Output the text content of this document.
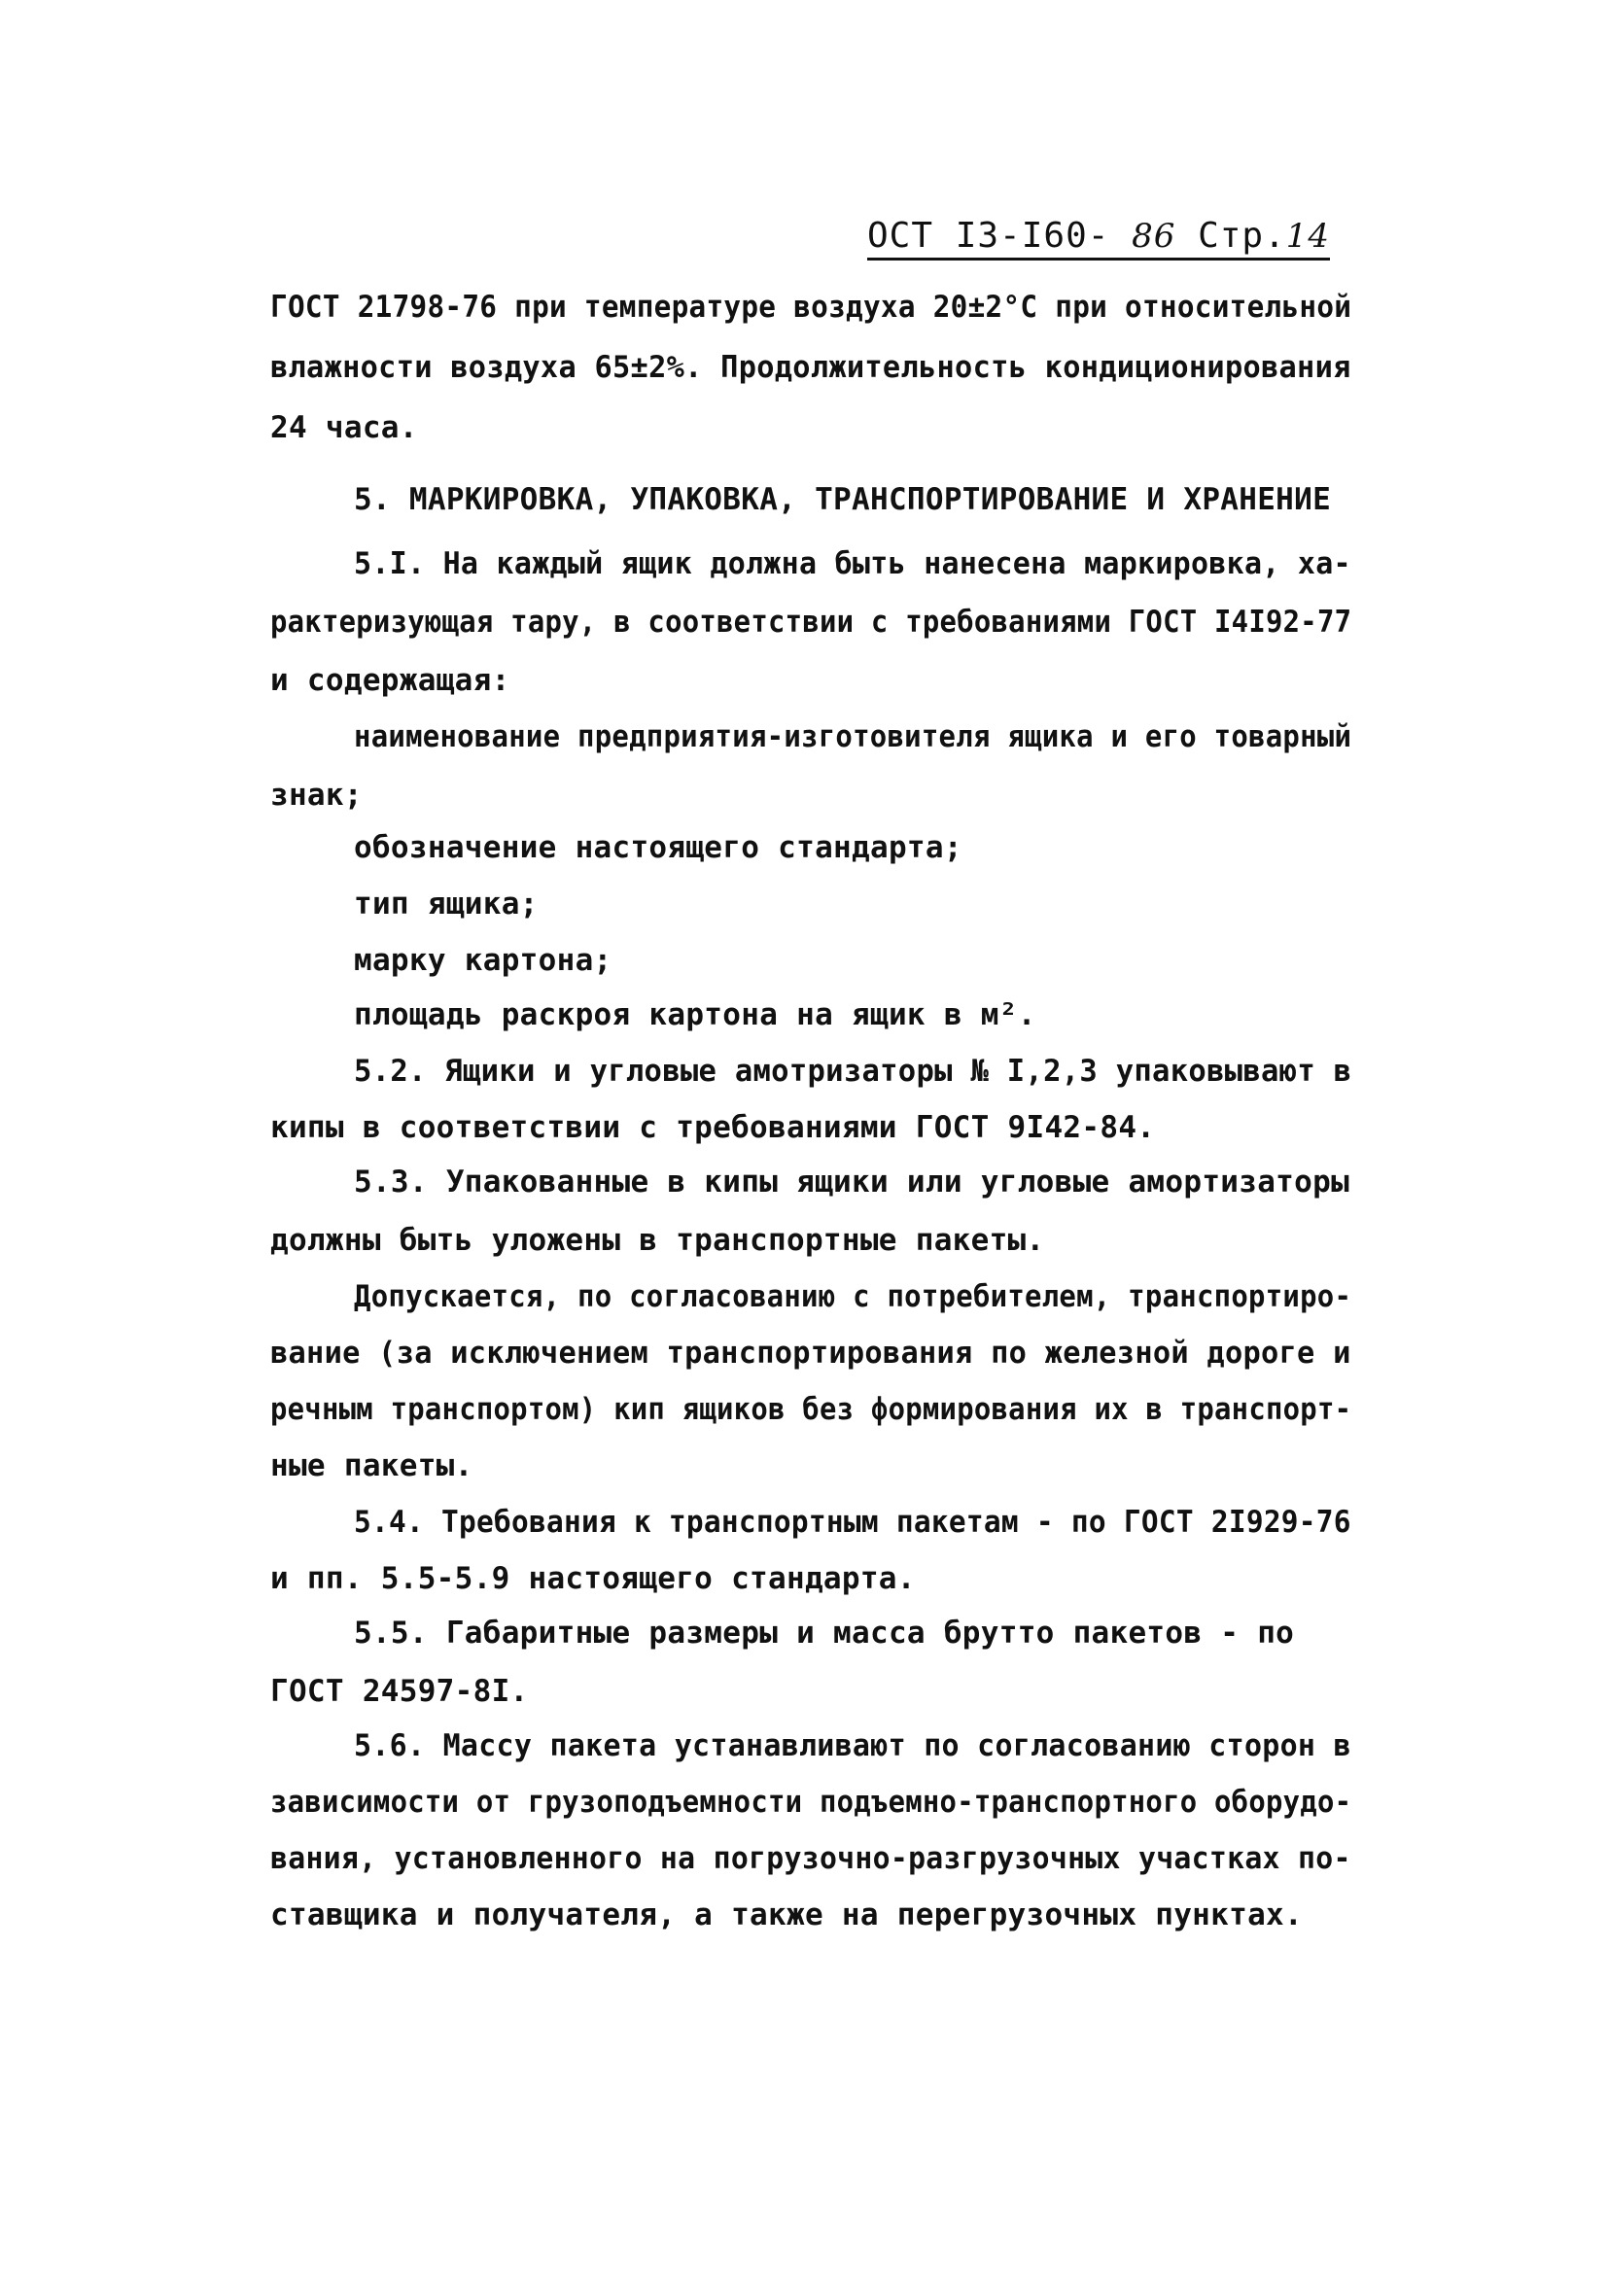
ОСТ I3-I60- 86 Стр.14
ГОСТ 21798-76 при температуре воздуха 20±2°С при относительной
влажности воздуха 65±2%. Продолжительность кондиционирования
24 часа.
5. МАРКИРОВКА, УПАКОВКА, ТРАНСПОРТИРОВАНИЕ И ХРАНЕНИЕ
5.I. На каждый ящик должна быть нанесена маркировка, ха-
рактеризующая тару, в соответствии с требованиями ГОСТ I4I92-77
и содержащая:
наименование предприятия-изготовителя ящика и его товарный
знак;
обозначение настоящего стандарта;
тип ящика;
марку картона;
площадь раскроя картона на ящик в м².
5.2. Ящики и угловые амотризаторы № I,2,3 упаковывают в
кипы в соответствии с требованиями ГОСТ 9I42-84.
5.3. Упакованные в кипы ящики или угловые амортизаторы
должны быть уложены в транспортные пакеты.
Допускается, по согласованию с потребителем, транспортиро-
вание (за исключением транспортирования по железной дороге и
речным транспортом) кип ящиков без формирования их в транспорт-
ные пакеты.
5.4. Требования к транспортным пакетам - по ГОСТ 2I929-76
и пп. 5.5-5.9 настоящего стандарта.
5.5. Габаритные размеры и масса брутто пакетов - по
ГОСТ 24597-8I.
5.6. Массу пакета устанавливают по согласованию сторон в
зависимости от грузоподъемности подъемно-транспортного оборудо-
вания, установленного на погрузочно-разгрузочных участках по-
ставщика и получателя, а также на перегрузочных пунктах.
